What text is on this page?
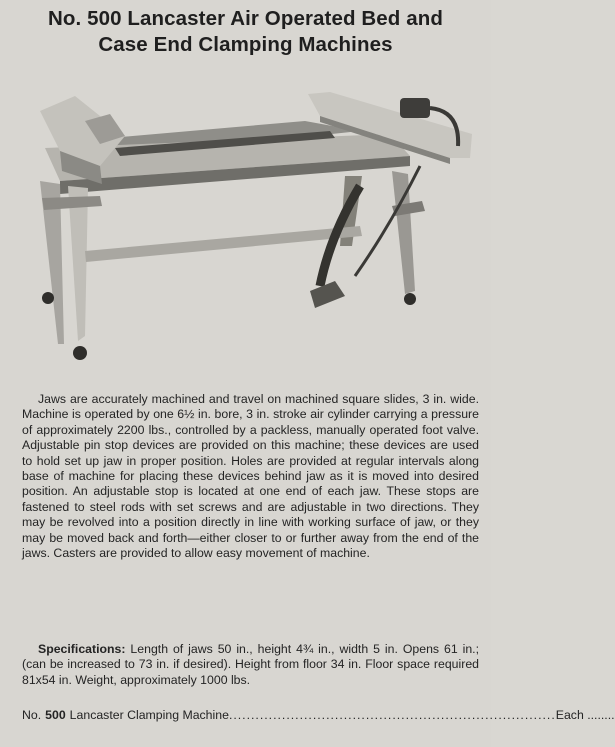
No. 500 Lancaster Air Operated Bed and
Case End Clamping Machines

Jaws are accurately machined and travel on machined square slides, 3 in. wide. Machine is operated by one 6½ in. bore, 3 in. stroke air cylinder carrying a pressure of approximately 2200 lbs., controlled by a packless, manually operated foot valve. Adjustable pin stop devices are provided on this machine; these devices are used to hold set up jaw in proper position. Holes are provided at regular intervals along base of machine for placing these devices behind jaw as it is moved into desired position. An adjustable stop is located at one end of each jaw. These stops are fastened to steel rods with set screws and are adjustable in two directions. They may be revolved into a position directly in line with working surface of jaw, or they may be moved back and forth—either closer to or further away from the end of the jaws. Casters are provided to allow easy movement of machine.

Specifications: Length of jaws 50 in., height 4¾ in., width 5 in. Opens 61 in.; (can be increased to 73 in. if desired). Height from floor 34 in. Floor space required 81x54 in. Weight, approximately 1000 lbs.

No. 500 Lancaster Clamping Machine .......................................................................... Each ........
